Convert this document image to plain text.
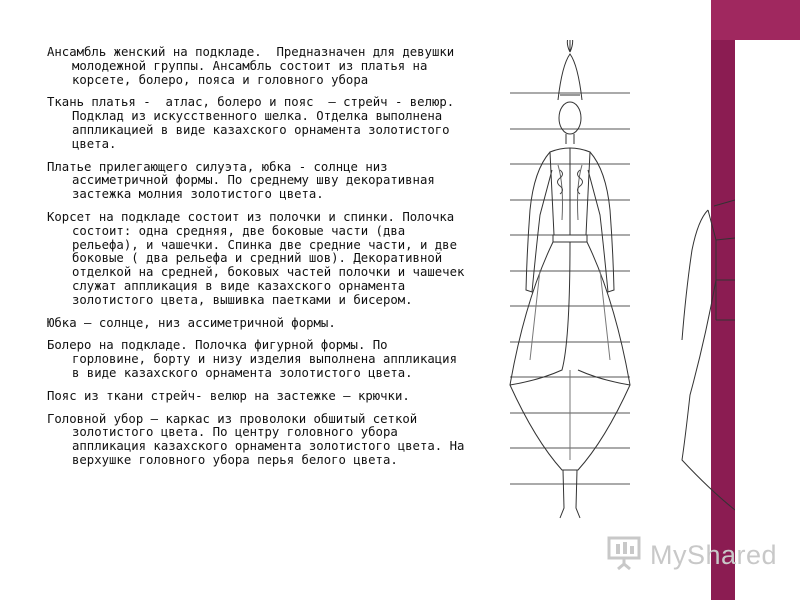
Ансамбль женский на подкладе.  Предназначен для девушки молодежной группы. Ансамбль состоит из платья на корсете, болеро, пояса и головного убора

Ткань платья -  атлас, болеро и пояс  – стрейч - велюр. Подклад из искусственного шелка. Отделка выполнена аппликацией в виде казахского орнамента золотистого цвета.

Платье прилегающего силуэта, юбка - солнце низ ассиметричной формы. По среднему шву декоративная застежка молния золотистого цвета.

Корсет на подкладе состоит из полочки и спинки. Полочка состоит: одна средняя, две боковые части (два рельефа), и чашечки. Спинка две средние части, и две боковые ( два рельефа и средний шов). Декоративной отделкой на средней, боковых частей полочки и чашечек служат аппликация в виде казахского орнамента золотистого цвета, вышивка паетками и бисером.

Юбка – солнце, низ ассиметричной формы.

Болеро на подкладе. Полочка фигурной формы. По горловине, борту и низу изделия выполнена аппликация в виде казахского орнамента золотистого цвета.

Пояс из ткани стрейч- велюр на застежке – крючки.

Головной убор – каркас из проволоки обшитый сеткой золотистого цвета. По центру головного убора аппликация казахского орнамента золотистого цвета. На верхушке головного убора перья белого цвета.

MyShared
